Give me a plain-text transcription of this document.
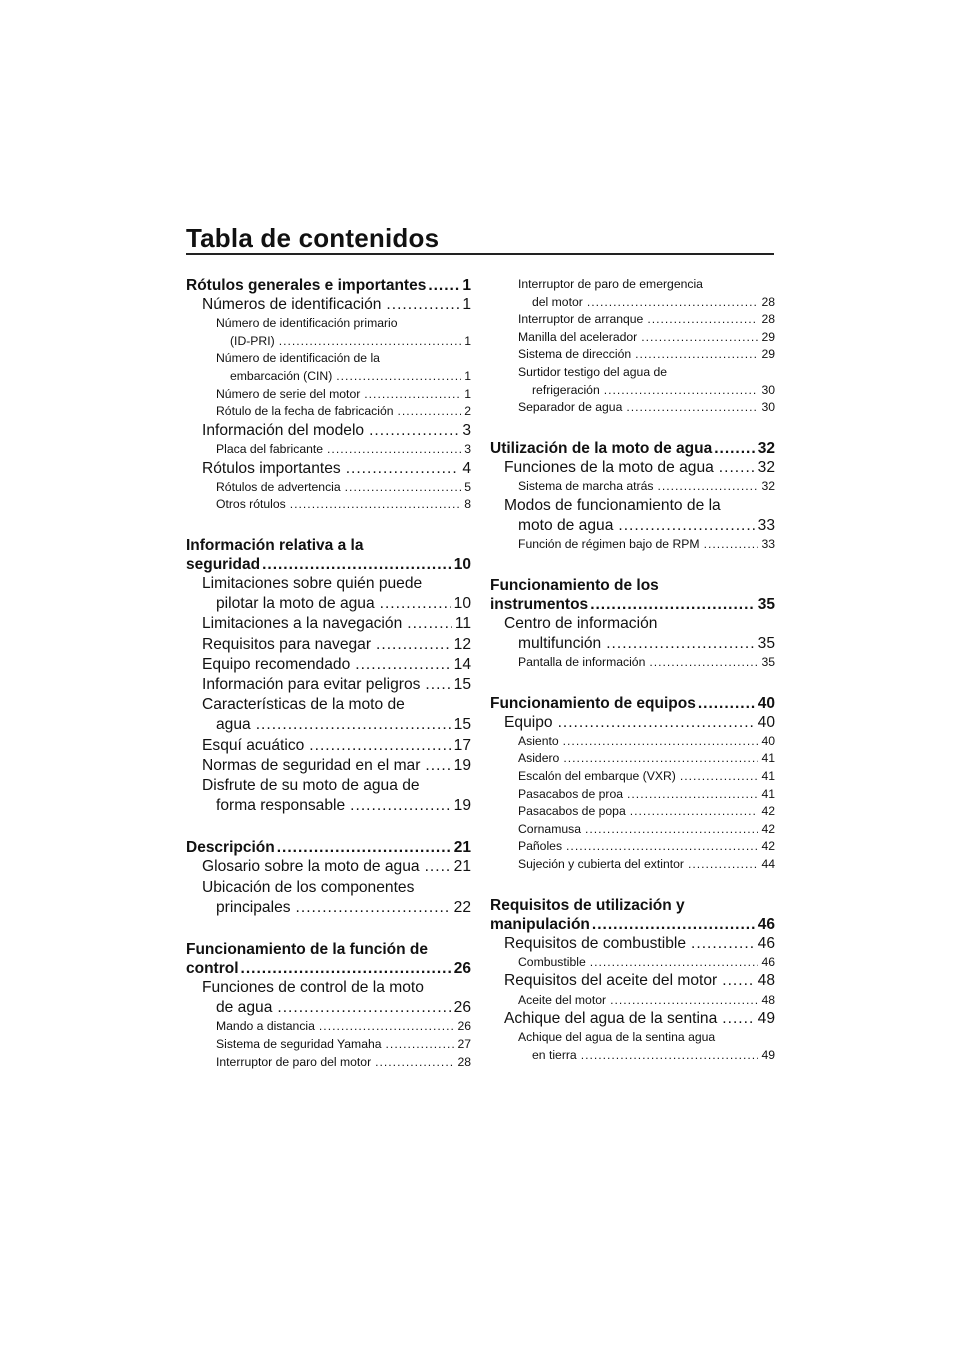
Tabla de contenidos
Rótulos generales e importantes ..... 1
Números de identificación .....	1
Número de identificación primario
(ID-PRI) .....	1
Número de identificación de la
embarcación (CIN) .....	1
Número de serie del motor .....	1
Rótulo de la fecha de fabricación .....	2
Información del modelo .....	3
Placa del fabricante .....	3
Rótulos importantes .....	4
Rótulos de advertencia .....	5
Otros rótulos .....	8
Información relativa a la
seguridad .....	10
Limitaciones sobre quién puede
pilotar la moto de agua .....	10
Limitaciones a la navegación .....	11
Requisitos para navegar .....	12
Equipo recomendado .....	14
Información para evitar peligros ..... 15
Características de la moto de
agua .....	15
Esquí acuático .....	17
Normas de seguridad en el mar ..... 19
Disfrute de su moto de agua de
forma responsable .....	19
Descripción .....	21
Glosario sobre la moto de agua ..... 21
Ubicación de los componentes
principales .....	22
Funcionamiento de la función de
control .....	26
Funciones de control de la moto
de agua .....	26
Mando a distancia .....	26
Sistema de seguridad Yamaha .....	27
Interruptor de paro del motor .....	28
Interruptor de paro de emergencia
del motor .....	28
Interruptor de arranque .....	28
Manilla del acelerador .....	29
Sistema de dirección .....	29
Surtidor testigo del agua de
refrigeración .....	30
Separador de agua .....	30
Utilización de la moto de agua .....	32
Funciones de la moto de agua .....	32
Sistema de marcha atrás .....	32
Modos de funcionamiento de la
moto de agua .....	33
Función de régimen bajo de RPM .....	33
Funcionamiento de los
instrumentos .....	35
Centro de información
multifunción .....	35
Pantalla de información .....	35
Funcionamiento de equipos .....	40
Equipo .....	40
Asiento .....	40
Asidero .....	41
Escalón del embarque (VXR) .....	41
Pasacabos de proa .....	41
Pasacabos de popa .....	42
Cornamusa .....	42
Pañoles .....	42
Sujeción y cubierta del extintor .....	44
Requisitos de utilización y
manipulación .....	46
Requisitos de combustible .....	46
Combustible .....	46
Requisitos del aceite del motor .....	48
Aceite del motor .....	48
Achique del agua de la sentina .....	49
Achique del agua de la sentina agua
en tierra .....	49
